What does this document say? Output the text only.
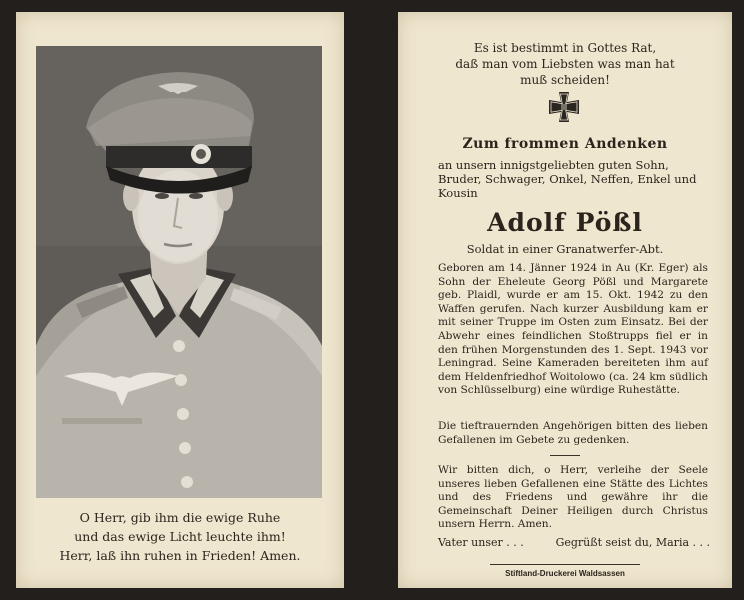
O Herr, gib ihm die ewige Ruhe
und das ewige Licht leuchte ihm!
Herr, laß ihn ruhen in Frieden! Amen.
Es ist bestimmt in Gottes Rat,
daß man vom Liebsten was man hat
muß scheiden!
Zum frommen Andenken
an unsern innigstgeliebten guten Sohn, Bruder, Schwager, Onkel, Neffen, Enkel und Kousin
Adolf Pößl
Soldat in einer Granatwerfer-Abt.
Geboren am 14. Jänner 1924 in Au (Kr. Eger) als Sohn der Eheleute Georg Pößl und Margarete geb. Plaidl, wurde er am 15. Okt. 1942 zu den Waffen gerufen. Nach kurzer Ausbildung kam er mit seiner Truppe im Osten zum Einsatz. Bei der Abwehr eines feindlichen Stoßtrupps fiel er in den frühen Morgenstunden des 1. Sept. 1943 vor Leningrad. Seine Kameraden bereiteten ihm auf dem Heldenfriedhof Woitolowo (ca. 24 km südlich von Schlüsselburg) eine würdige Ruhestätte.
Die tieftrauernden Angehörigen bitten des lieben Gefallenen im Gebete zu gedenken.
Wir bitten dich, o Herr, verleihe der Seele unseres lieben Gefallenen eine Stätte des Lichtes und des Friedens und gewähre ihr die Gemeinschaft Deiner Heiligen durch Christus unsern Herrn. Amen.
Vater unser . . .	Gegrüßt seist du, Maria . . .
Stiftland-Druckerei Waldsassen
